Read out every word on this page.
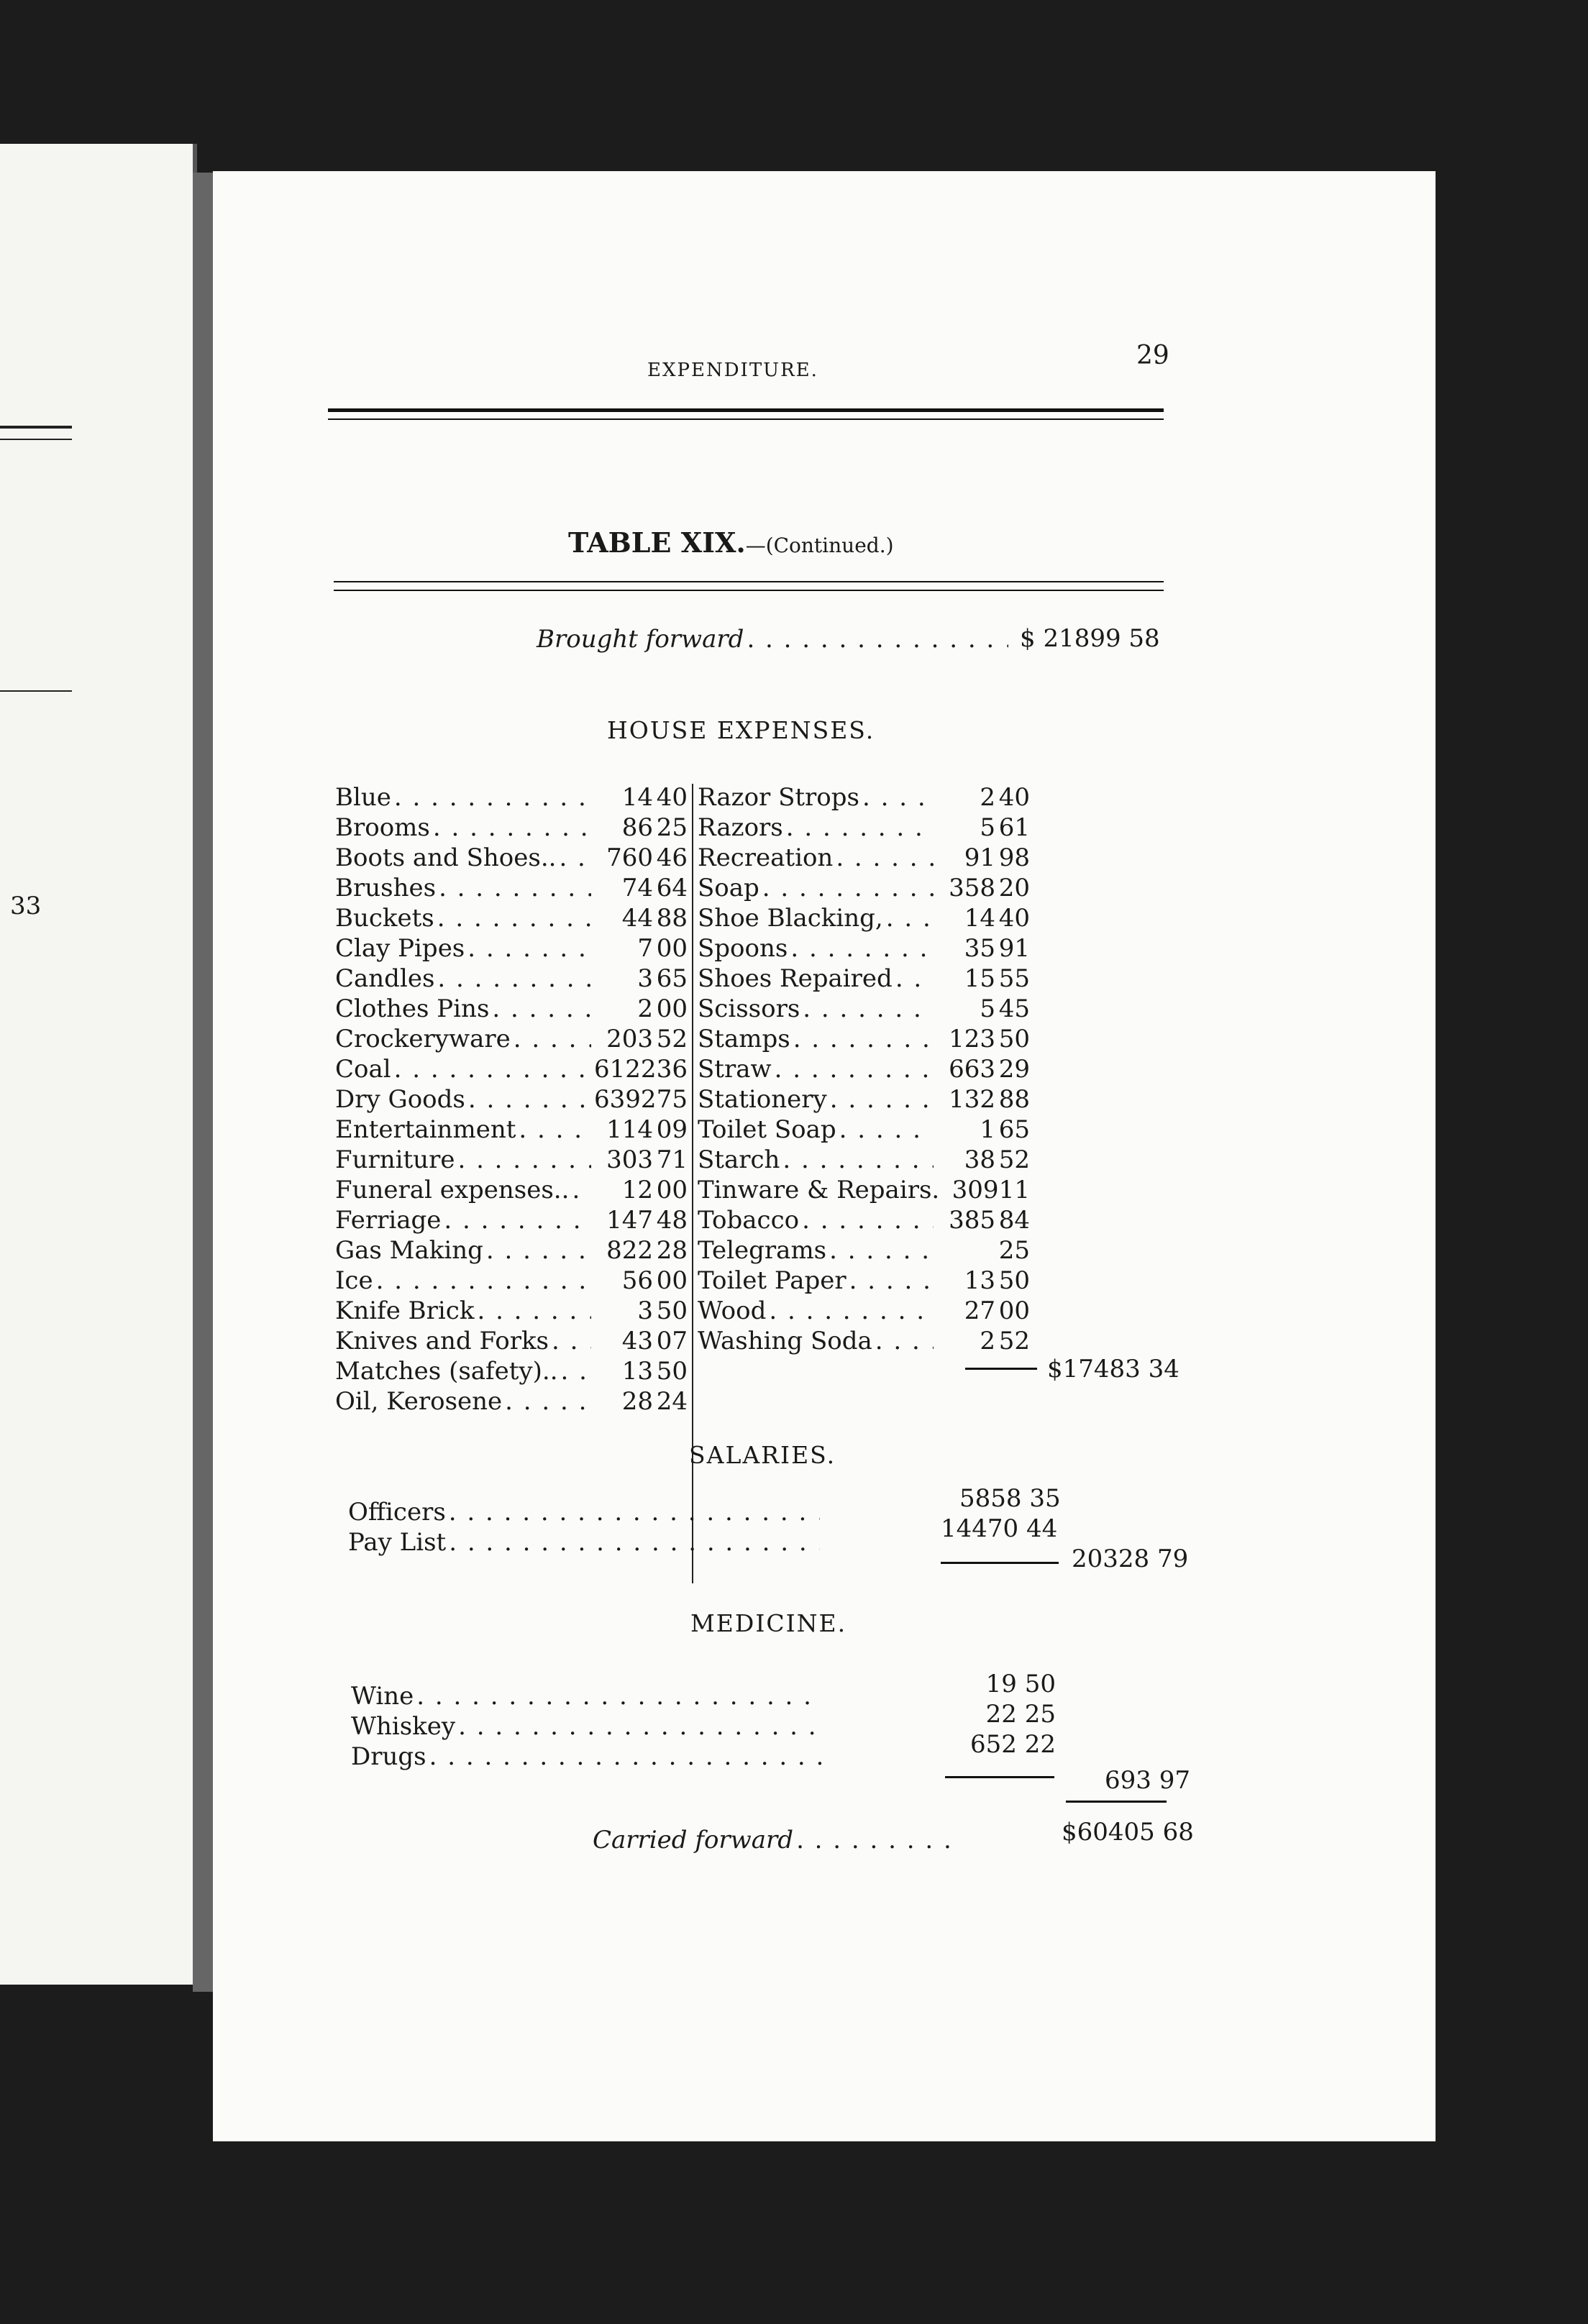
33
EXPENDITURE.	29
TABLE XIX.—(Continued.)
Brought forward . . .	$ 21899 58
HOUSE EXPENSES.
Blue . . .	14 40
Brooms . . .	86 25
Boots and Shoes.. . . .	760 46
Brushes . . .	74 64
Buckets . . .	44 88
Clay Pipes . . .	7 00
Candles . . .	3 65
Clothes Pins . . .	2 00
Crockeryware . . .	203 52
Coal . . .	6122 36
Dry Goods . . .	6392 75
Entertainment . . .	114 09
Furniture . . .	303 71
Funeral expenses.. . . .	12 00
Ferriage . . .	147 48
Gas Making . . .	822 28
Ice . . .	56 00
Knife Brick . . .	3 50
Knives and Forks . . .	43 07
Matches (safety).. . . .	13 50
Oil, Kerosene . . .	28 24
Razor Strops . . .	2 40
Razors . . .	5 61
Recreation . . .	91 98
Soap . . .	358 20
Shoe Blacking, . . .	14 40
Spoons . . .	35 91
Shoes Repaired . . .	15 55
Scissors . . .	5 45
Stamps . . .	123 50
Straw . . .	663 29
Stationery . . .	132 88
Toilet Soap . . .	1 65
Starch . . .	38 52
Tinware & Repairs. 309 11
Tobacco . . .	385 84
Telegrams . . .	25
Toilet Paper . . .	13 50
Wood . . .	27 00
Washing Soda . . .	2 52
$17483 34
SALARIES.
Officers . . .	5858 35
Pay List . . .	14470 44
20328 79
MEDICINE.
Wine . . .	19 50
Whiskey . . .	22 25
Drugs . . .	652 22
693 97
Carried forward . . .	$60405 68
